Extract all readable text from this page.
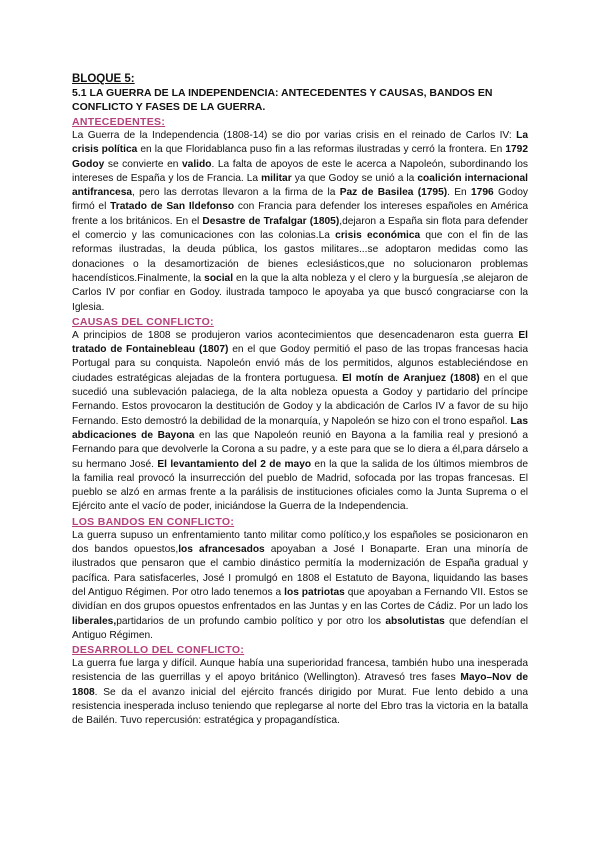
BLOQUE 5:

5.1 LA GUERRA DE LA INDEPENDENCIA: ANTECEDENTES Y CAUSAS, BANDOS EN CONFLICTO Y FASES DE LA GUERRA.

ANTECEDENTES:

La Guerra de la Independencia (1808-14) se dio por varias crisis en el reinado de Carlos IV: La crisis política en la que Floridablanca puso fin a las reformas ilustradas y cerró la frontera. En 1792 Godoy se convierte en valido. La falta de apoyos de este le acerca a Napoleón, subordinando los intereses de España y los de Francia. La militar ya que Godoy se unió a la coalición internacional antifrancesa, pero las derrotas llevaron a la firma de la Paz de Basilea (1795). En 1796 Godoy firmó el Tratado de San Ildefonso con Francia para defender los intereses españoles en América frente a los británicos. En el Desastre de Trafalgar (1805),dejaron a España sin flota para defender el comercio y las comunicaciones con las colonias.La crisis económica que con el fin de las reformas ilustradas, la deuda pública, los gastos militares...se adoptaron medidas como las donaciones o la desamortización de bienes eclesiásticos,que no solucionaron problemas hacendísticos.Finalmente, la social en la que la alta nobleza y el clero y la burguesía ,se alejaron de Carlos IV por confiar en Godoy. ilustrada tampoco le apoyaba ya que buscó congraciarse con la Iglesia.

CAUSAS DEL CONFLICTO:

A principios de 1808 se produjeron varios acontecimientos que desencadenaron esta guerra El tratado de Fontainebleau (1807) en el que Godoy permitió el paso de las tropas francesas hacia Portugal para su conquista. Napoleón envió más de los permitidos, algunos estableciéndose en ciudades estratégicas alejadas de la frontera portuguesa. El motín de Aranjuez (1808) en el que sucedió una sublevación palaciega, de la alta nobleza opuesta a Godoy y partidario del príncipe Fernando. Estos provocaron la destitución de Godoy y la abdicación de Carlos IV a favor de su hijo Fernando. Esto demostró la debilidad de la monarquía, y Napoleón se hizo con el trono español. Las abdicaciones de Bayona en las que Napoleón reunió en Bayona a la familia real y presionó a Fernando para que devolverle la Corona a su padre, y a este para que se lo diera a él,para dárselo a su hermano José. El levantamiento del 2 de mayo en la que la salida de los últimos miembros de la familia real provocó la insurrección del pueblo de Madrid, sofocada por las tropas francesas. El pueblo se alzó en armas frente a la parálisis de instituciones oficiales como la Junta Suprema o el Ejército ante el vacío de poder, iniciándose la Guerra de la Independencia.

LOS BANDOS EN CONFLICTO:

La guerra supuso un enfrentamiento tanto militar como político,y los españoles se posicionaron en dos bandos opuestos,los afrancesados apoyaban a José I Bonaparte. Eran una minoría de ilustrados que pensaron que el cambio dinástico permitía la modernización de España gradual y pacífica. Para satisfacerles, José I promulgó en 1808 el Estatuto de Bayona, liquidando las bases del Antiguo Régimen. Por otro lado tenemos a los patriotas que apoyaban a Fernando VII. Estos se dividían en dos grupos opuestos enfrentados en las Juntas y en las Cortes de Cádiz. Por un lado los liberales,partidarios de un profundo cambio político y por otro los absolutistas que defendían el Antiguo Régimen.

DESARROLLO DEL CONFLICTO:

La guerra fue larga y difícil. Aunque había una superioridad francesa, también hubo una inesperada resistencia de las guerrillas y el apoyo británico (Wellington). Atravesó tres fases Mayo–Nov de 1808. Se da el avanzo inicial del ejército francés dirigido por Murat. Fue lento debido a una resistencia inesperada incluso teniendo que replegarse al norte del Ebro tras la victoria en la batalla de Bailén. Tuvo repercusión: estratégica y propagandística.
